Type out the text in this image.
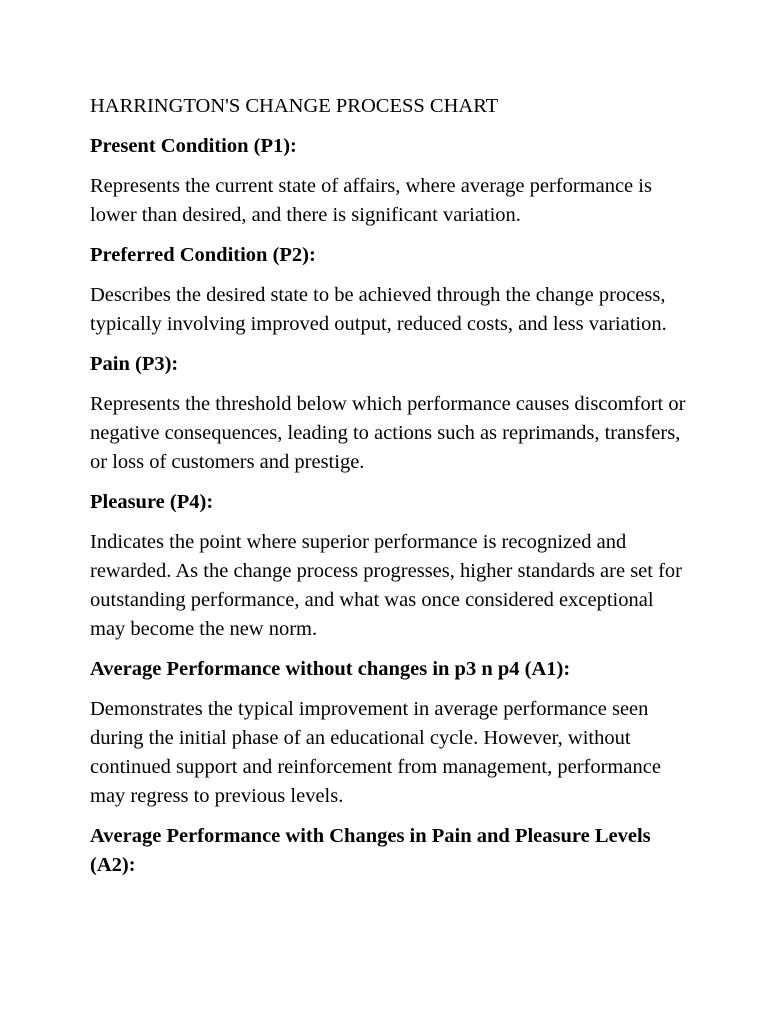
HARRINGTON'S CHANGE PROCESS CHART
Present Condition (P1):
Represents the current state of affairs, where average performance is lower than desired, and there is significant variation.
Preferred Condition (P2):
Describes the desired state to be achieved through the change process, typically involving improved output, reduced costs, and less variation.
Pain (P3):
Represents the threshold below which performance causes discomfort or negative consequences, leading to actions such as reprimands, transfers, or loss of customers and prestige.
Pleasure (P4):
Indicates the point where superior performance is recognized and rewarded. As the change process progresses, higher standards are set for outstanding performance, and what was once considered exceptional may become the new norm.
Average Performance without changes in p3 n p4 (A1):
Demonstrates the typical improvement in average performance seen during the initial phase of an educational cycle. However, without continued support and reinforcement from management, performance may regress to previous levels.
Average Performance with Changes in Pain and Pleasure Levels (A2):
